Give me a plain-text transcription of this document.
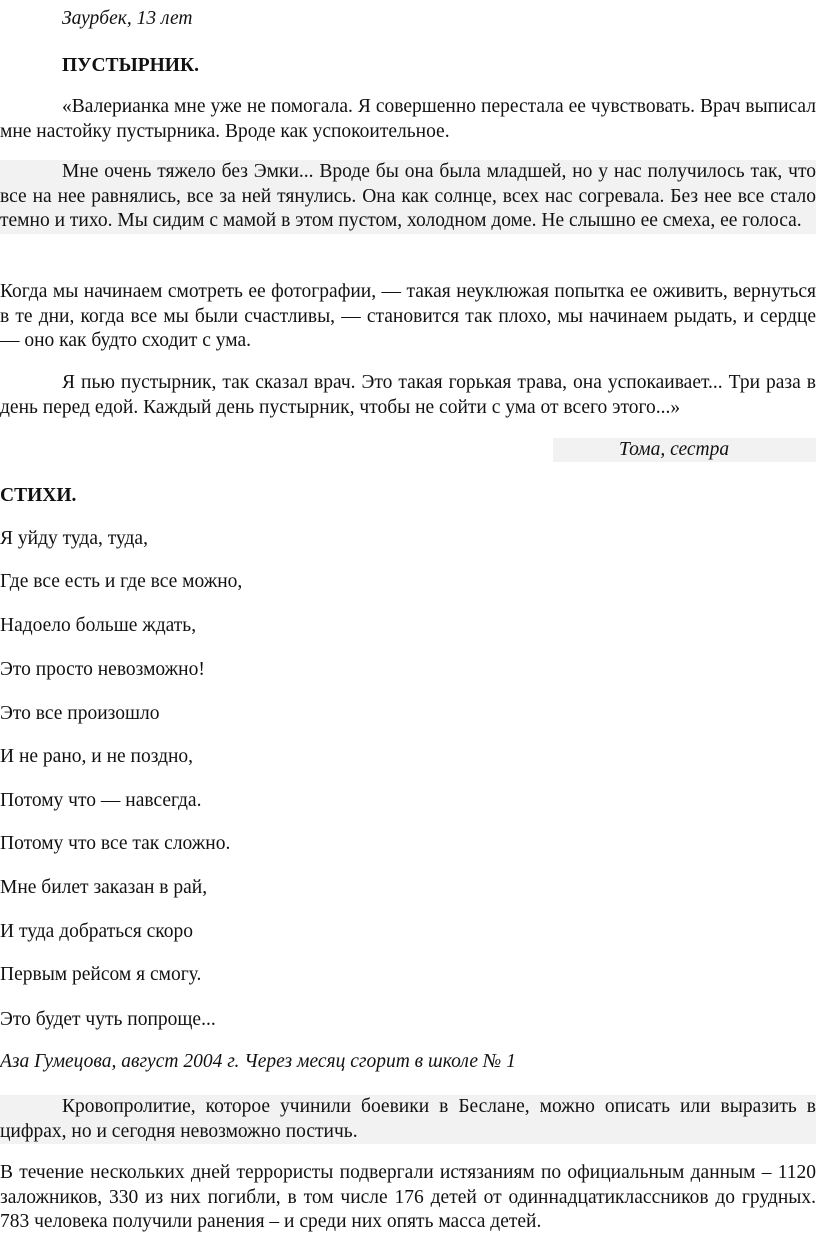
Заурбек, 13 лет
ПУСТЫРНИК.
«Валерианка мне уже не помогала. Я совершенно перестала ее чувствовать. Врач выписал мне настойку пустырника. Вроде как успокоительное.
Мне очень тяжело без Эмки... Вроде бы она была младшей, но у нас получилось так, что все на нее равнялись, все за ней тянулись. Она как солнце, всех нас согревала. Без нее все стало темно и тихо. Мы сидим с мамой в этом пустом, холодном доме. Не слышно ее смеха, ее голоса.
Когда мы начинаем смотреть ее фотографии, — такая неуклюжая попытка ее оживить, вернуться в те дни, когда все мы были счастливы, — становится так плохо, мы начинаем рыдать, и сердце — оно как будто сходит с ума.
Я пью пустырник, так сказал врач. Это такая горькая трава, она успокаивает... Три раза в день перед едой. Каждый день пустырник, чтобы не сойти с ума от всего этого...»
Тома, сестра
СТИХИ.
Я уйду туда, туда,
Где все есть и где все можно,
Надоело больше ждать,
Это просто невозможно!
Это все произошло
И не рано, и не поздно,
Потому что — навсегда.
Потому что все так сложно.
Мне билет заказан в рай,
И туда добраться скоро
Первым рейсом я смогу.
Это будет чуть попроще...
Аза Гумецова, август 2004 г. Через месяц сгорит в школе № 1
Кровопролитие, которое учинили боевики в Беслане, можно описать или выразить в цифрах, но и сегодня невозможно постичь.
В течение нескольких дней террористы подвергали истязаниям по официальным данным – 1120 заложников, 330 из них погибли, в том числе 176 детей от одиннадцатиклассников до грудных. 783 человека получили ранения – и среди них опять масса детей.
